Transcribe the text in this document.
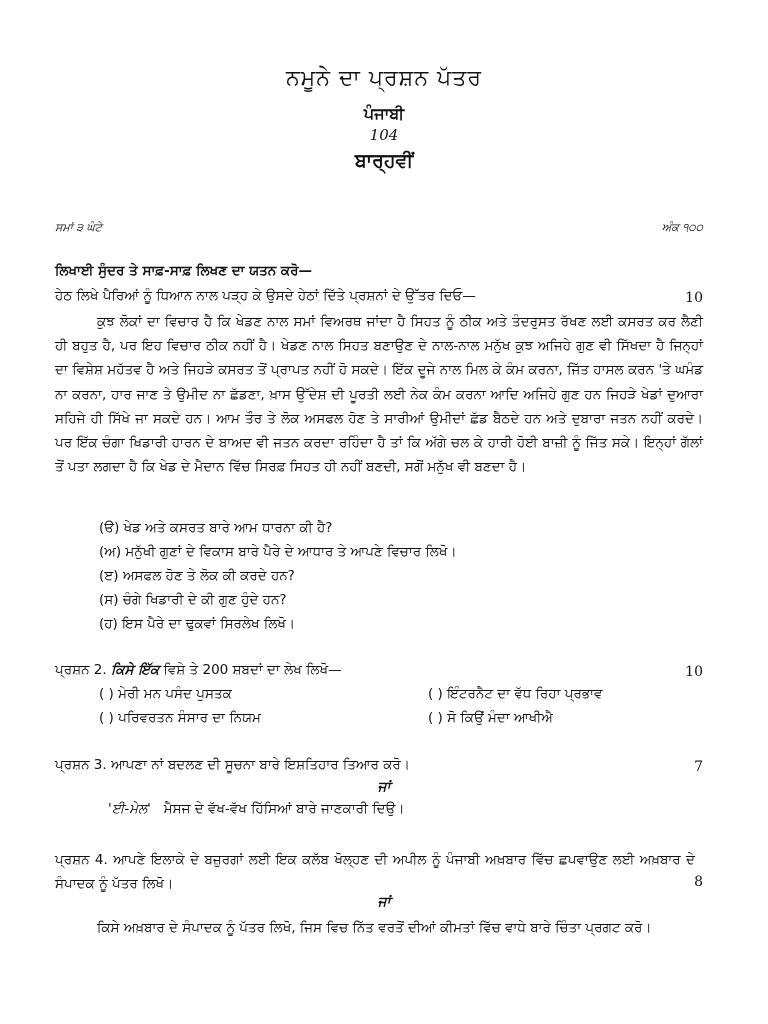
ਨਮੂਨੇ ਦਾ ਪ੍ਰਸ਼ਨ ਪੱਤਰ
ਪੰਜਾਬੀ
104
ਬਾਰ੍ਹਵੀਂ
ਸਮਾਂ ੩ ਘੰਟੇ	ਅੰਕ ੧੦੦
ਲਿਖਾਈ ਸੁੰਦਰ ਤੇ ਸਾਫ਼-ਸਾਫ਼ ਲਿਖਣ ਦਾ ਯਤਨ ਕਰੋ—
ਹੇਠ ਲਿਖੇ ਪੈਰਿਆਂ ਨੂੰ ਧਿਆਨ ਨਾਲ ਪੜ੍ਹ ਕੇ ਉਸਦੇ ਹੇਠਾਂ ਦਿੱਤੇ ਪ੍ਰਸ਼ਨਾਂ ਦੇ ਉੱਤਰ ਦਿਓ—	10
ਕੁਝ ਲੋਕਾਂ ਦਾ ਵਿਚਾਰ ਹੈ ਕਿ ਖੇਡਣ ਨਾਲ ਸਮਾਂ ਵਿਅਰਥ ਜਾਂਦਾ ਹੈ ਸਿਹਤ ਨੂੰ ਠੀਕ ਅਤੇ ਤੰਦਰੁਸਤ ਰੱਖਣ ਲਈ ਕਸਰਤ ਕਰ ਲੈਣੀ ਹੀ ਬਹੁਤ ਹੈ, ਪਰ ਇਹ ਵਿਚਾਰ ਠੀਕ ਨਹੀਂ ਹੈ। ਖੇਡਣ ਨਾਲ ਸਿਹਤ ਬਣਾਉਣ ਦੇ ਨਾਲ-ਨਾਲ ਮਨੁੱਖ ਕੁਝ ਅਜਿਹੇ ਗੁਣ ਵੀ ਸਿੱਖਦਾ ਹੈ ਜਿਨ੍ਹਾਂ ਦਾ ਵਿਸ਼ੇਸ਼ ਮਹੱਤਵ ਹੈ ਅਤੇ ਜਿਹੜੇ ਕਸਰਤ ਤੋਂ ਪ੍ਰਾਪਤ ਨਹੀਂ ਹੋ ਸਕਦੇ। ਇੱਕ ਦੂਜੇ ਨਾਲ ਮਿਲ ਕੇ ਕੰਮ ਕਰਨਾ, ਜਿੱਤ ਹਾਸਲ ਕਰਨ 'ਤੇ ਘਮੰਡ ਨਾ ਕਰਨਾ, ਹਾਰ ਜਾਣ ਤੇ ਉਮੀਦ ਨਾ ਛੱਡਣਾ, ਖ਼ਾਸ ਉੱਦੇਸ਼ ਦੀ ਪੂਰਤੀ ਲਈ ਨੇਕ ਕੰਮ ਕਰਨਾ ਆਦਿ ਅਜਿਹੇ ਗੁਣ ਹਨ ਜਿਹੜੇ ਖੇਡਾਂ ਦੁਆਰਾ ਸਹਿਜੇ ਹੀ ਸਿੱਖੇ ਜਾ ਸਕਦੇ ਹਨ। ਆਮ ਤੌਰ ਤੇ ਲੋਕ ਅਸਫਲ ਹੋਣ ਤੇ ਸਾਰੀਆਂ ਉਮੀਦਾਂ ਛੱਡ ਬੈਠਦੇ ਹਨ ਅਤੇ ਦੁਬਾਰਾ ਜਤਨ ਨਹੀਂ ਕਰਦੇ। ਪਰ ਇੱਕ ਚੰਗਾ ਖਿਡਾਰੀ ਹਾਰਨ ਦੇ ਬਾਅਦ ਵੀ ਜਤਨ ਕਰਦਾ ਰਹਿੰਦਾ ਹੈ ਤਾਂ ਕਿ ਅੱਗੇ ਚਲ ਕੇ ਹਾਰੀ ਹੋਈ ਬਾਜ਼ੀ ਨੂੰ ਜਿੱਤ ਸਕੇ। ਇਨ੍ਹਾਂ ਗੱਲਾਂ ਤੋਂ ਪਤਾ ਲਗਦਾ ਹੈ ਕਿ ਖੇਡ ਦੇ ਮੈਦਾਨ ਵਿੱਚ ਸਿਰਫ਼ ਸਿਹਤ ਹੀ ਨਹੀਂ ਬਣਦੀ, ਸਗੋਂ ਮਨੁੱਖ ਵੀ ਬਣਦਾ ਹੈ।
(ੳ) ਖੇਡ ਅਤੇ ਕਸਰਤ ਬਾਰੇ ਆਮ ਧਾਰਨਾ ਕੀ ਹੈ?
(ਅ) ਮਨੁੱਖੀ ਗੁਣਾਂ ਦੇ ਵਿਕਾਸ ਬਾਰੇ ਪੈਰੇ ਦੇ ਆਧਾਰ ਤੇ ਆਪਣੇ ਵਿਚਾਰ ਲਿਖੋ।
(ੲ) ਅਸਫਲ ਹੋਣ ਤੇ ਲੋਕ ਕੀ ਕਰਦੇ ਹਨ?
(ਸ) ਚੰਗੇ ਖਿਡਾਰੀ ਦੇ ਕੀ ਗੁਣ ਹੁੰਦੇ ਹਨ?
(ਹ) ਇਸ ਪੈਰੇ ਦਾ ਢੁਕਵਾਂ ਸਿਰਲੇਖ ਲਿਖੋ।
ਪ੍ਰਸ਼ਨ 2. ਕਿਸੇ ਇੱਕ ਵਿਸ਼ੇ ਤੇ 200 ਸ਼ਬਦਾਂ ਦਾ ਲੇਖ ਲਿਖੋ—	10
( ) ਮੇਰੀ ਮਨ ਪਸੰਦ ਪੁਸਤਕ	( ) ਇੰਟਰਨੈਟ ਦਾ ਵੱਧ ਰਿਹਾ ਪ੍ਰਭਾਵ
( ) ਪਰਿਵਰਤਨ ਸੰਸਾਰ ਦਾ ਨਿਯਮ	( ) ਸੋ ਕਿਉਂ ਮੰਦਾ ਆਖੀਐ
ਪ੍ਰਸ਼ਨ 3. ਆਪਣਾ ਨਾਂ ਬਦਲਣ ਦੀ ਸੂਚਨਾ ਬਾਰੇ ਇਸ਼ਤਿਹਾਰ ਤਿਆਰ ਕਰੋ।	7
ਜਾਂ
'ਈ-ਮੇਲ' ਮੈਸਜ ਦੇ ਵੱਖ-ਵੱਖ ਹਿੱਸਿਆਂ ਬਾਰੇ ਜਾਣਕਾਰੀ ਦਿਉ।
ਪ੍ਰਸ਼ਨ 4. ਆਪਣੇ ਇਲਾਕੇ ਦੇ ਬਜ਼ੁਰਗਾਂ ਲਈ ਇਕ ਕਲੱਬ ਖੋਲ੍ਹਣ ਦੀ ਅਪੀਲ ਨੂੰ ਪੰਜਾਬੀ ਅਖ਼ਬਾਰ ਵਿੱਚ ਛਪਵਾਉਣ ਲਈ ਅਖ਼ਬਾਰ ਦੇ ਸੰਪਾਦਕ ਨੂੰ ਪੱਤਰ ਲਿਖੋ।	8
ਜਾਂ
ਕਿਸੇ ਅਖ਼ਬਾਰ ਦੇ ਸੰਪਾਦਕ ਨੂੰ ਪੱਤਰ ਲਿਖੋ, ਜਿਸ ਵਿਚ ਨਿੱਤ ਵਰਤੋਂ ਦੀਆਂ ਕੀਮਤਾਂ ਵਿੱਚ ਵਾਧੇ ਬਾਰੇ ਚਿੰਤਾ ਪ੍ਰਗਟ ਕਰੋ।
